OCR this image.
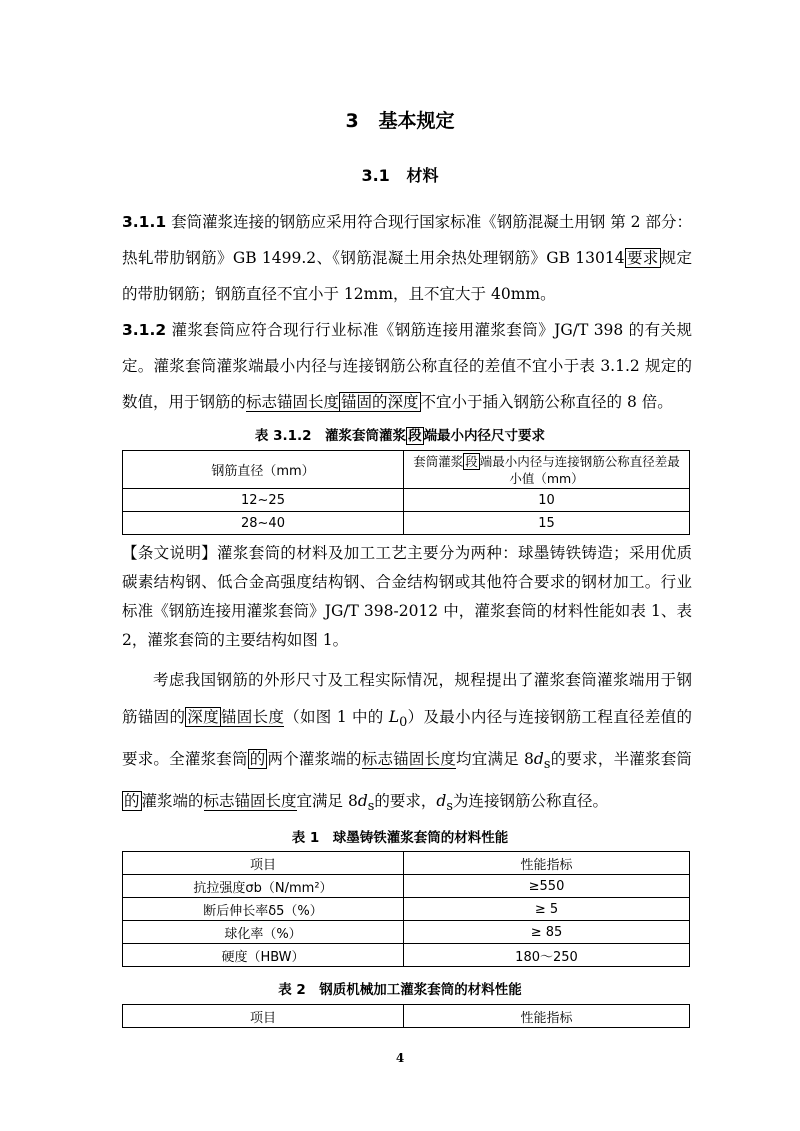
3 基本规定
3.1 材料
3.1.1 套筒灌浆连接的钢筋应采用符合现行国家标准《钢筋混凝土用钢 第 2 部分：热轧带肋钢筋》GB 1499.2、《钢筋混凝土用余热处理钢筋》GB 13014 要求 规定的带肋钢筋；钢筋直径不宜小于 12mm，且不宜大于 40mm。
3.1.2 灌浆套筒应符合现行行业标准《钢筋连接用灌浆套筒》JG/T 398 的有关规定。灌浆套筒灌浆端最小内径与连接钢筋公称直径的差值不宜小于表 3.1.2 规定的数值，用于钢筋的标志锚固长度 锚固的深度 不宜小于插入钢筋公称直径的 8 倍。
表 3.1.2　灌浆套筒灌浆 段 端最小内径尺寸要求
钢筋直径（mm）	套筒灌浆 段 端最小内径与连接钢筋公称直径差最小值（mm）
12~25	10
28~40	15
【条文说明】灌浆套筒的材料及加工工艺主要分为两种：球墨铸铁铸造；采用优质碳素结构钢、低合金高强度结构钢、合金结构钢或其他符合要求的钢材加工。行业标准《钢筋连接用灌浆套筒》JG/T 398-2012 中，灌浆套筒的材料性能如表 1、表 2，灌浆套筒的主要结构如图 1。
考虑我国钢筋的外形尺寸及工程实际情况，规程提出了灌浆套筒灌浆端用于钢筋锚固的 深度 锚固长度（如图 1 中的 $L_0$）及最小内径与连接钢筋工程直径差值的要求。全灌浆套筒 的 两个灌浆端的标志锚固长度均宜满足 $8d_s$的要求，半灌浆套筒的 灌浆端的标志锚固长度宜满足 $8d_s$的要求，$d_s$为连接钢筋公称直径。
表 1　球墨铸铁灌浆套筒的材料性能
项目	性能指标
抗拉强度σb（N/mm²）	≥550
断后伸长率δ5（%）	≥ 5
球化率（%）	≥ 85
硬度（HBW）	180～250
表 2　钢质机械加工灌浆套筒的材料性能
项目	性能指标
4
